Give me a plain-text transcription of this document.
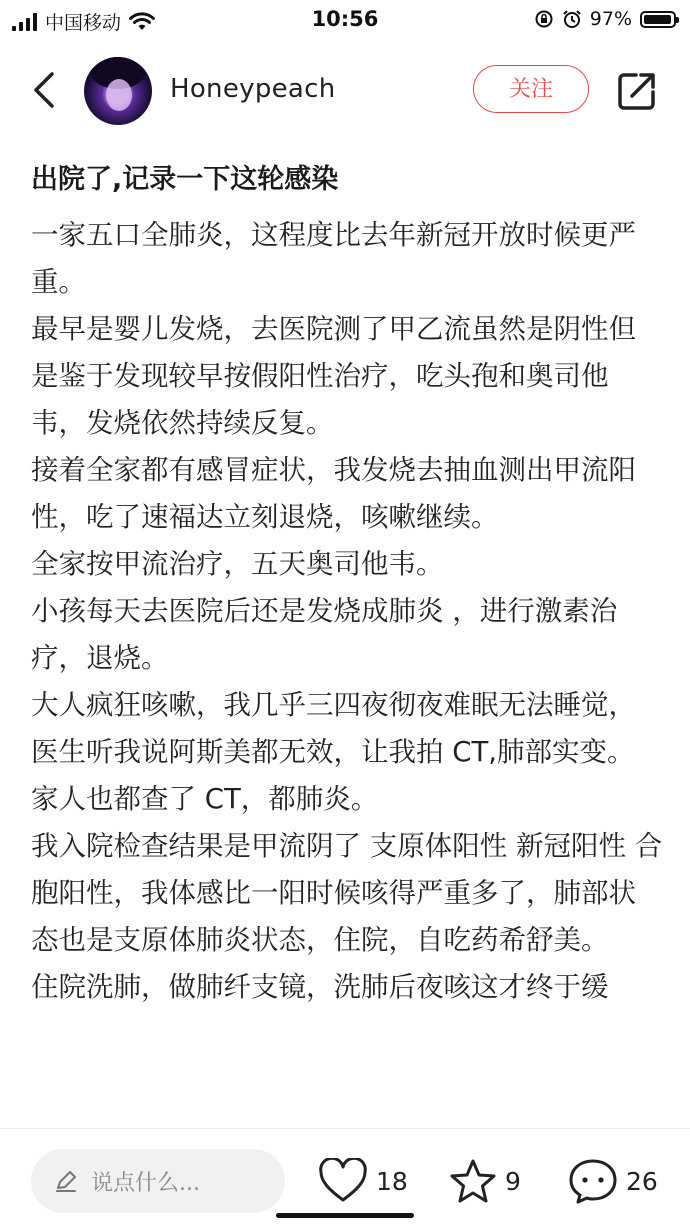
中国移动	10:56	97%
Honeypeach	关注
出院了,记录一下这轮感染

一家五口全肺炎，这程度比去年新冠开放时候更严重。

最早是婴儿发烧，去医院测了甲乙流虽然是阴性但是鉴于发现较早按假阳性治疗，吃头孢和奥司他韦，发烧依然持续反复。

接着全家都有感冒症状，我发烧去抽血测出甲流阳性，吃了速福达立刻退烧，咳嗽继续。

全家按甲流治疗，五天奥司他韦。

小孩每天去医院后还是发烧成肺炎 ，进行激素治疗，退烧。

大人疯狂咳嗽，我几乎三四夜彻夜难眠无法睡觉，医生听我说阿斯美都无效，让我拍 CT,肺部实变。

家人也都查了 CT，都肺炎。

我入院检查结果是甲流阴了 支原体阳性 新冠阳性 合胞阳性，我体感比一阳时候咳得严重多了，肺部状态也是支原体肺炎状态，住院，自吃药希舒美。

住院洗肺，做肺纤支镜，洗肺后夜咳这才终于缓

说点什么...	18	9	26
